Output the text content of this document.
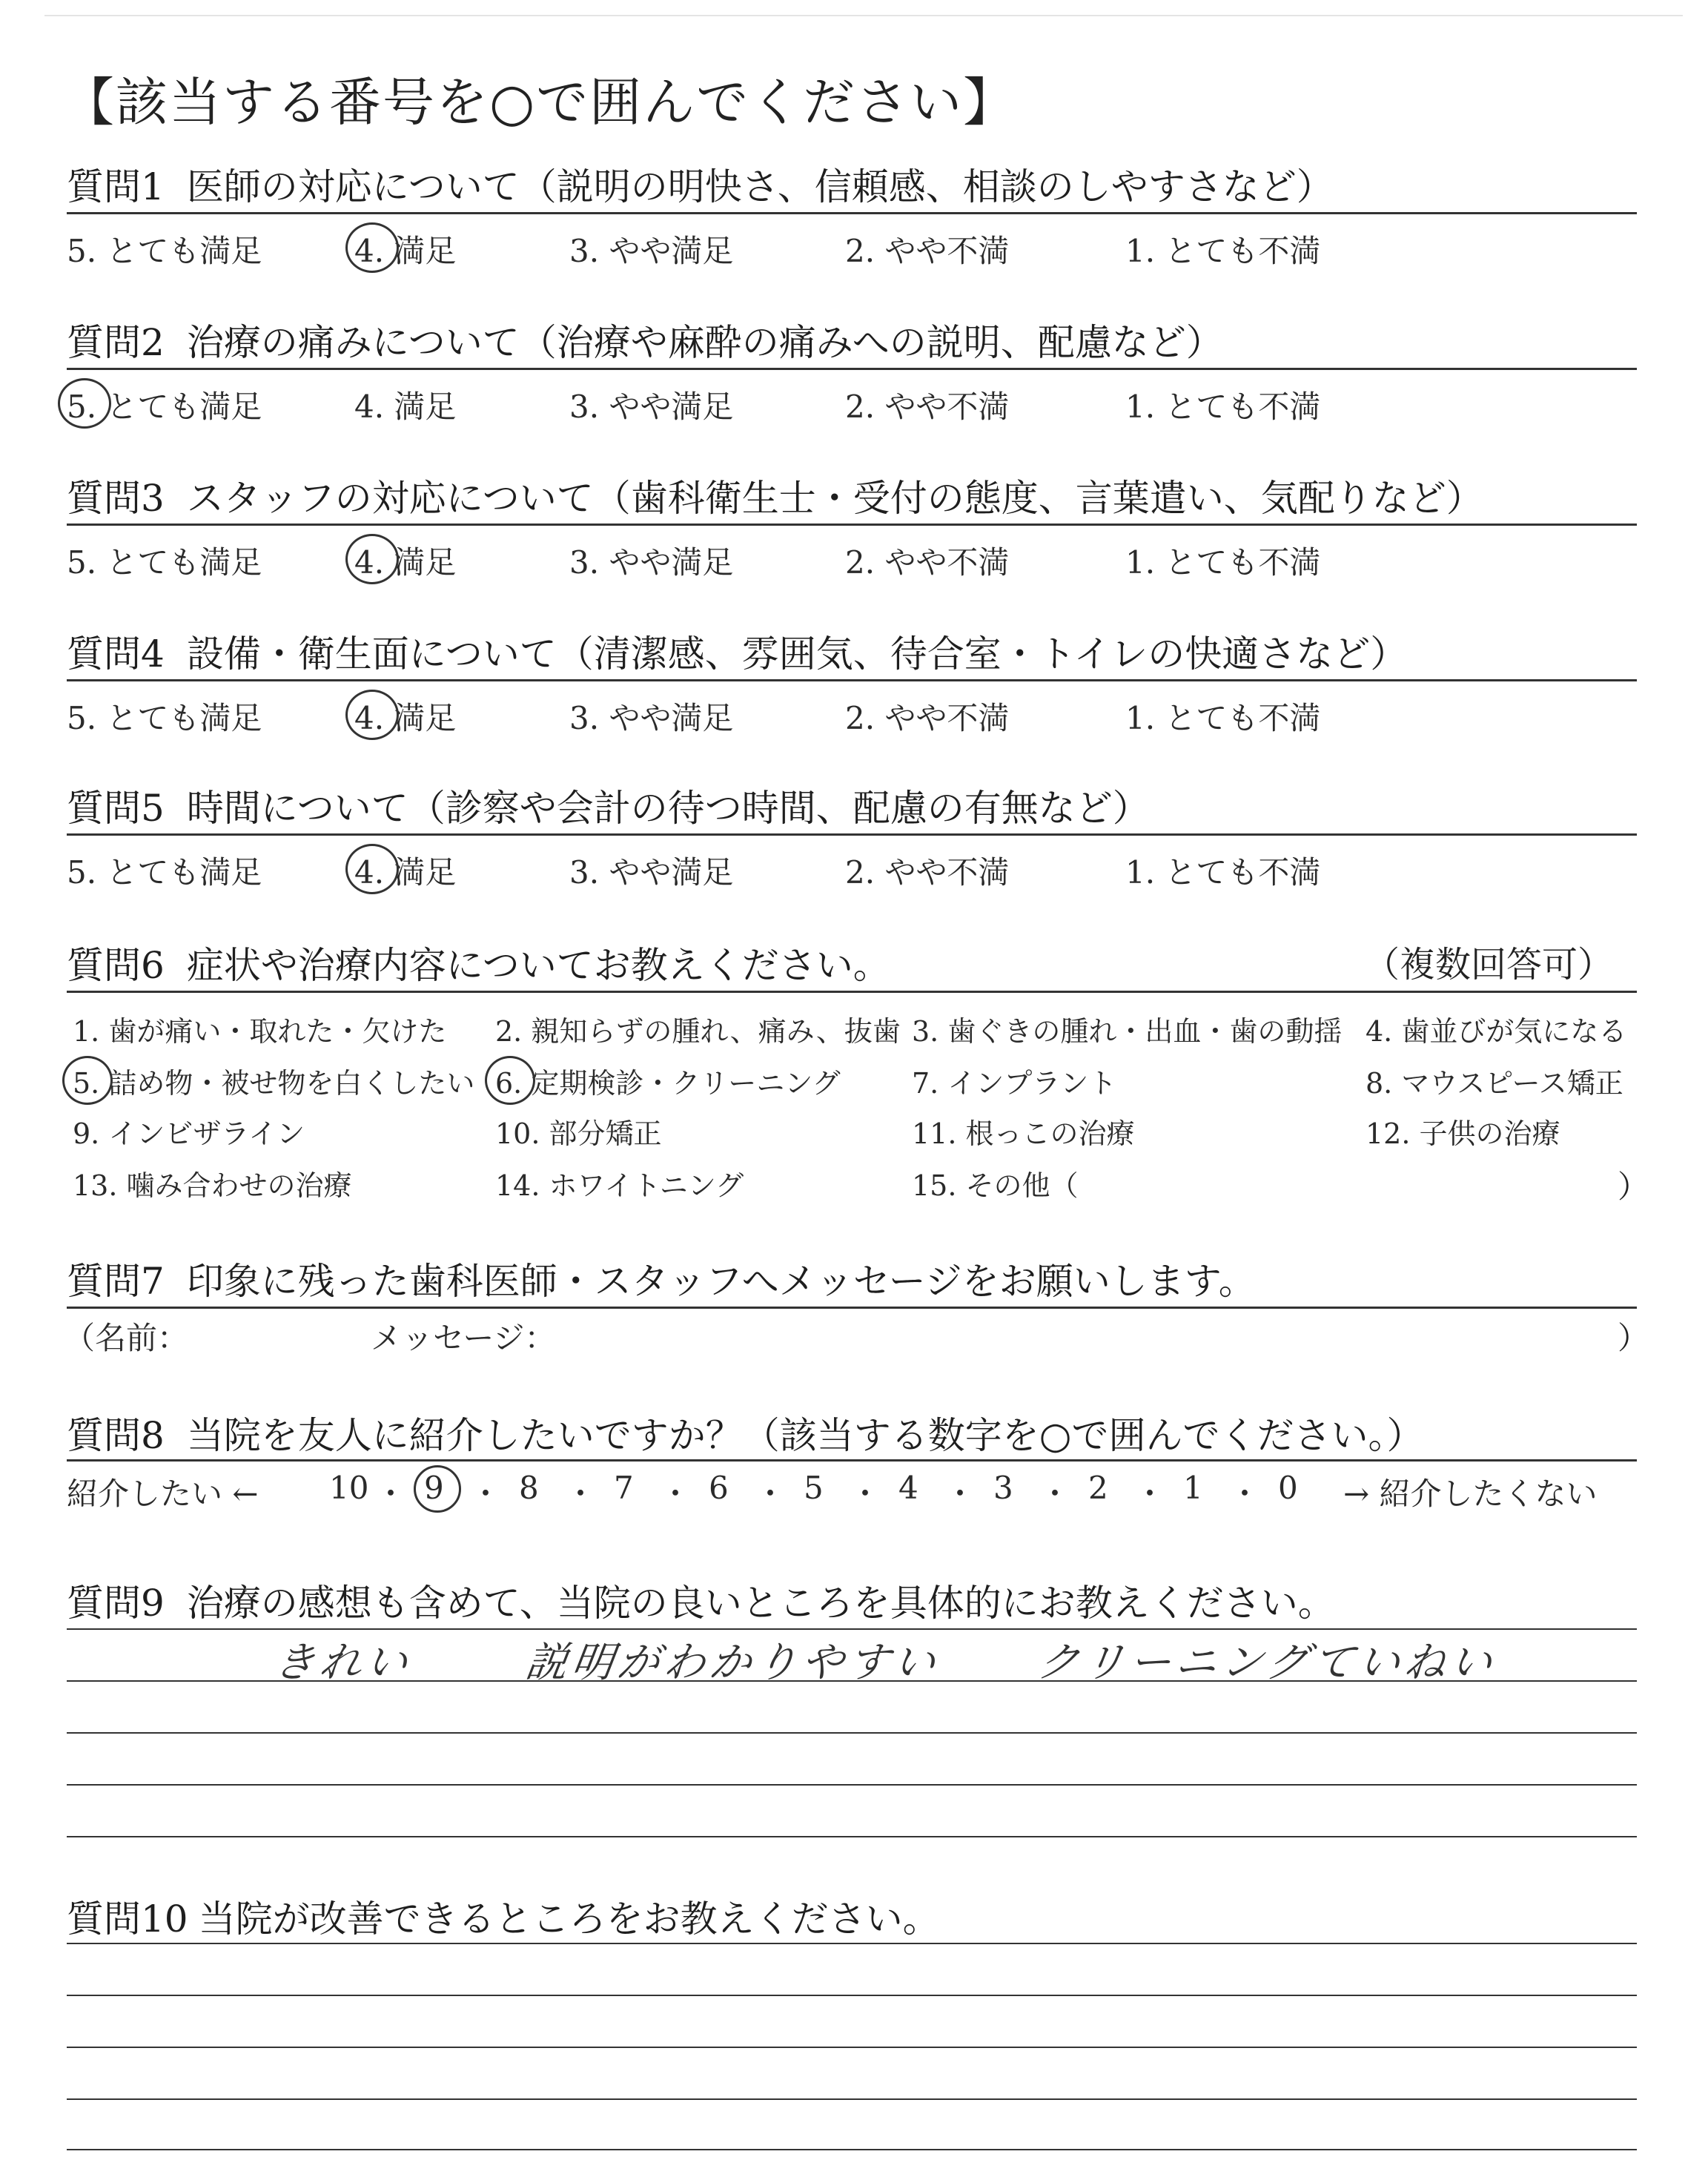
【該当する番号を○で囲んでください】
質問1 医師の対応について（説明の明快さ、信頼感、相談のしやすさなど）
5. とても満足	4. 満足	3. やや満足	2. やや不満	1. とても不満
質問2 治療の痛みについて（治療や麻酔の痛みへの説明、配慮など）
5. とても満足	4. 満足	3. やや満足	2. やや不満	1. とても不満
質問3 スタッフの対応について（歯科衛生士・受付の態度、言葉遣い、気配りなど）
5. とても満足	4. 満足	3. やや満足	2. やや不満	1. とても不満
質問4 設備・衛生面について（清潔感、雰囲気、待合室・トイレの快適さなど）
5. とても満足	4. 満足	3. やや満足	2. やや不満	1. とても不満
質問5 時間について（診察や会計の待つ時間、配慮の有無など）
5. とても満足	4. 満足	3. やや満足	2. やや不満	1. とても不満
質問6 症状や治療内容についてお教えください。	（複数回答可）
1. 歯が痛い・取れた・欠けた 2. 親知らずの腫れ、痛み、抜歯 3. 歯ぐきの腫れ・出血・歯の動揺 4. 歯並びが気になる
5. 詰め物・被せ物を白くしたい 6. 定期検診・クリーニング	7. インプラント	8. マウスピース矯正
9. インビザライン	10. 部分矯正	11. 根っこの治療	12. 子供の治療
13. 噛み合わせの治療	14. ホワイトニング	15. その他（	）
質問7 印象に残った歯科医師・スタッフへメッセージをお願いします。
（名前：	メッセージ：	）
質問8 当院を友人に紹介したいですか？（該当する数字を○で囲んでください。）
紹介したい ← 10 ・ 9 ・ 8 ・ 7 ・ 6 ・ 5 ・ 4 ・ 3 ・ 2 ・ 1 ・ 0 → 紹介したくない
質問9 治療の感想も含めて、当院の良いところを具体的にお教えください。
きれい	説明がわかりやすい クリーニングていねい
質問10 当院が改善できるところをお教えください。
